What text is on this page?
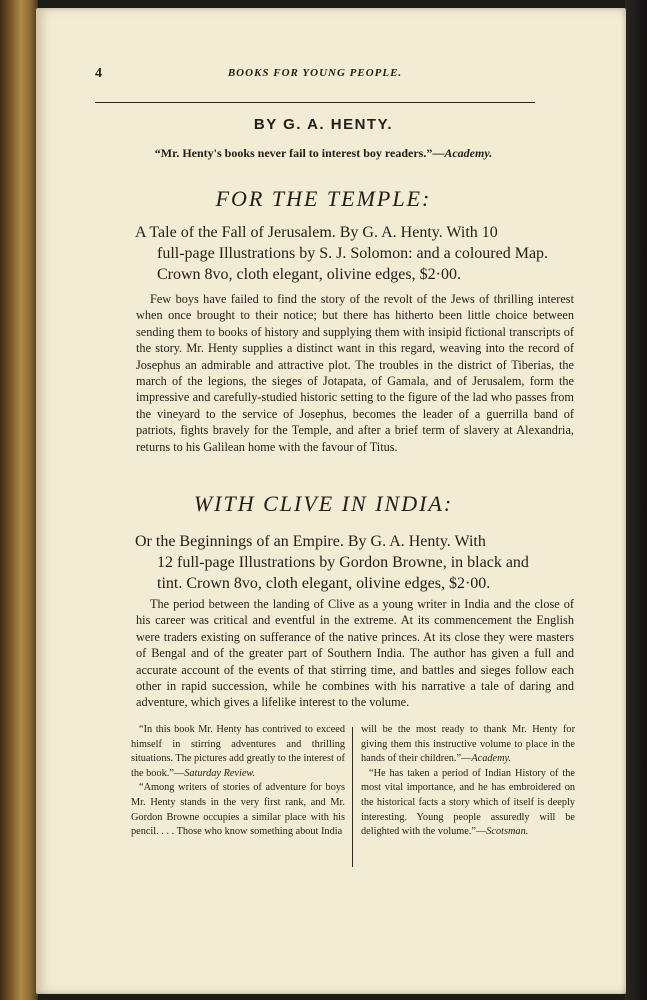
4	BOOKS FOR YOUNG PEOPLE.
BY G. A. HENTY.
“Mr. Henty's books never fail to interest boy readers.”—Academy.
FOR THE TEMPLE:
A Tale of the Fall of Jerusalem. By G. A. Henty. With 10
full-page Illustrations by S. J. Solomon: and a coloured Map.
Crown 8vo, cloth elegant, olivine edges, $2·00.

Few boys have failed to find the story of the revolt of the Jews of thrilling interest when once brought to their notice; but there has hitherto been little choice between sending them to books of history and supplying them with insipid fictional transcripts of the story. Mr. Henty supplies a distinct want in this regard, weaving into the record of Josephus an admirable and attractive plot. The troubles in the district of Tiberias, the march of the legions, the sieges of Jotapata, of Gamala, and of Jerusalem, form the impressive and carefully-studied historic setting to the figure of the lad who passes from the vineyard to the service of Josephus, becomes the leader of a guerrilla band of patriots, fights bravely for the Temple, and after a brief term of slavery at Alexandria, returns to his Galilean home with the favour of Titus.

WITH CLIVE IN INDIA:
Or the Beginnings of an Empire. By G. A. Henty. With
12 full-page Illustrations by Gordon Browne, in black and
tint. Crown 8vo, cloth elegant, olivine edges, $2·00.

The period between the landing of Clive as a young writer in India and the close of his career was critical and eventful in the extreme. At its commencement the English were traders existing on sufferance of the native princes. At its close they were masters of Bengal and of the greater part of Southern India. The author has given a full and accurate account of the events of that stirring time, and battles and sieges follow each other in rapid succession, while he combines with his narrative a tale of daring and adventure, which gives a lifelike interest to the volume.

“In this book Mr. Henty has contrived to exceed himself in stirring adventures and thrilling situations. The pictures add greatly to the interest of the book.”—Saturday Review.

“Among writers of stories of adventure for boys Mr. Henty stands in the very first rank, and Mr. Gordon Browne occupies a similar place with his pencil. . . . Those who know something about India

will be the most ready to thank Mr. Henty for giving them this instructive volume to place in the hands of their children.”—Academy.

“He has taken a period of Indian History of the most vital importance, and he has embroidered on the historical facts a story which of itself is deeply interesting. Young people assuredly will be delighted with the volume.”—Scotsman.
